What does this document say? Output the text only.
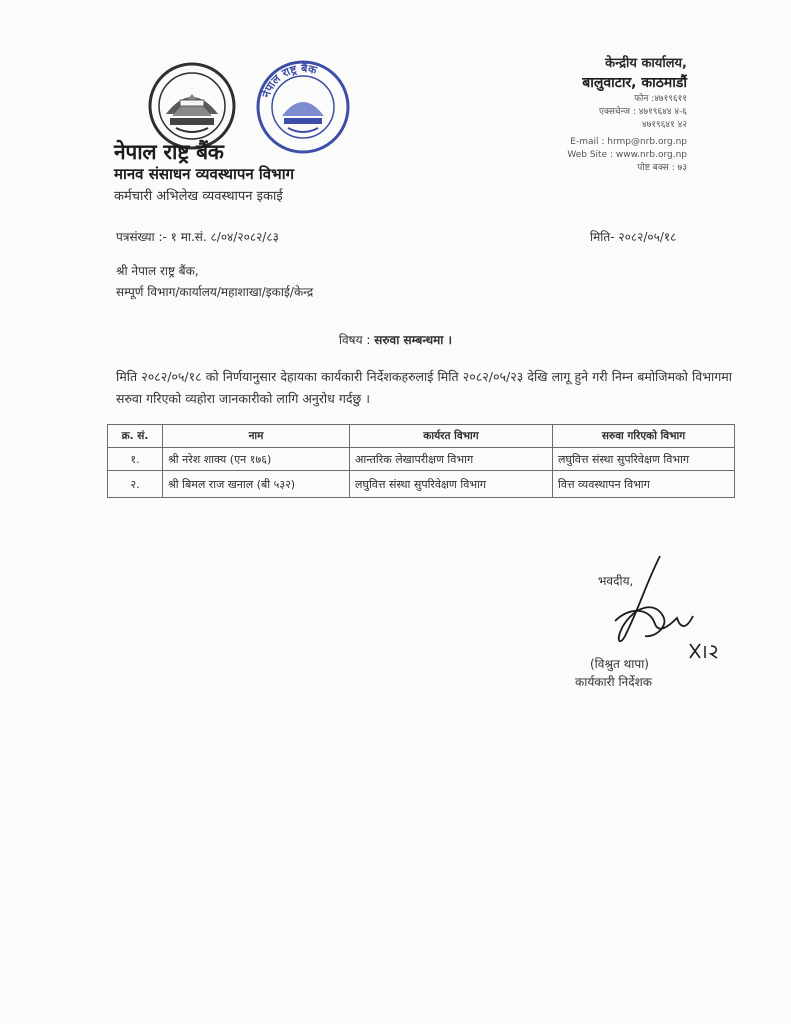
नेपाल राष्ट्र बैंक
नेपाल राष्ट्र बैंक
मानव संसाधन व्यवस्थापन विभाग
कर्मचारी अभिलेख व्यवस्थापन इकाई
केन्द्रीय कार्यालय,
बालुवाटार, काठमाडौं
फोन :४७१९६११
एक्सचेन्ज : ४७१९६४४ ४-६
४७१९६४१ ४२
E-mail : hrmp@nrb.org.np
Web Site : www.nrb.org.np
पोष्ट बक्स : ७३
पत्रसंख्या :- १ मा.सं. ८/०४/२०८२/८३	मिति- २०८२/०५/१८
श्री नेपाल राष्ट्र बैंक,
सम्पूर्ण विभाग/कार्यालय/महाशाखा/इकाई/केन्द्र
विषय : सरुवा सम्बन्धमा ।
मिति २०८२/०५/१८ को निर्णयानुसार देहायका कार्यकारी निर्देशकहरुलाई मिति २०८२/०५/२३ देखि लागू हुने गरी निम्न बमोजिमको विभागमा सरुवा गरिएको व्यहोरा जानकारीको लागि अनुरोध गर्दछु ।
क्र. सं.	नाम	कार्यरत विभाग	सरुवा गरिएको विभाग
१.	श्री नरेश शाक्य (एन १७६)	आन्तरिक लेखापरीक्षण विभाग	लघुवित्त संस्था सुपरिवेक्षण विभाग
२.	श्री बिमल राज खनाल (बी ५३२)	लघुवित्त संस्था सुपरिवेक्षण विभाग	वित्त व्यवस्थापन विभाग
भवदीय,
(विश्रुत थापा)
कार्यकारी निर्देशक
